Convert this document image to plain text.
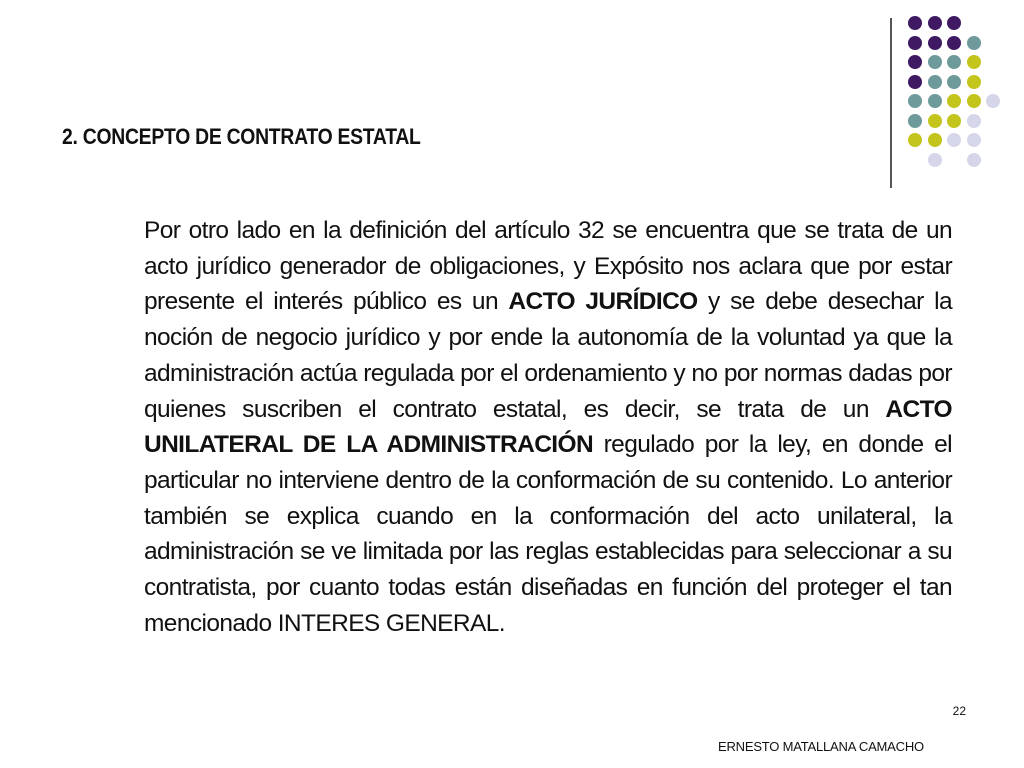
2. CONCEPTO DE CONTRATO ESTATAL

Por otro lado en la definición del artículo 32 se encuentra que se trata de un acto jurídico generador de obligaciones, y Expósito nos aclara que por estar presente el interés público es un ACTO JURÍDICO y se debe desechar la noción de negocio jurídico y por ende la autonomía de la voluntad ya que la administración actúa regulada por el ordenamiento y no por normas dadas por quienes suscriben el contrato estatal, es decir, se trata de un ACTO UNILATERAL DE LA ADMINISTRACIÓN regulado por la ley, en donde el particular no interviene dentro de la conformación de su contenido. Lo anterior también se explica cuando en la conformación del acto unilateral, la administración se ve limitada por las reglas establecidas para seleccionar a su contratista, por cuanto todas están diseñadas en función del proteger el tan mencionado INTERES GENERAL.

22
ERNESTO MATALLANA CAMACHO
